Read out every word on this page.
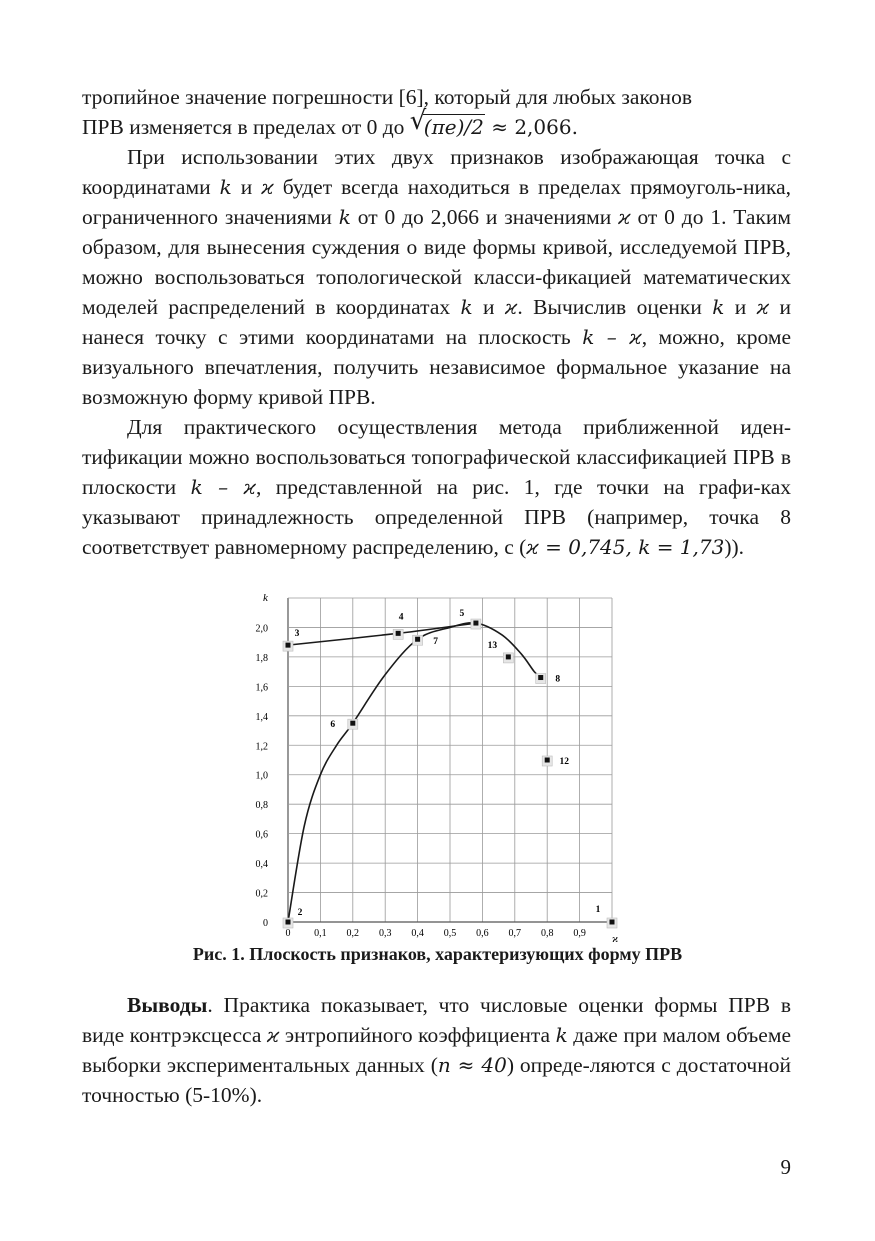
тропийное значение погрешности [6], который для любых законов
ПРВ изменяется в пределах от 0 до √
(πe)/2 ≈ 2,066.

При использовании этих двух признаков изображающая точка с координатами k и ϰ будет всегда находиться в пределах прямоуголь-ника, ограниченного значениями k от 0 до 2,066 и значениями ϰ от 0 до 1. Таким образом, для вынесения суждения о виде формы кривой, исследуемой ПРВ, можно воспользоваться топологической класси-фикацией математических моделей распределений в координатах k и ϰ. Вычислив оценки k и ϰ и нанеся точку с этими координатами на плоскость k – ϰ, можно, кроме визуального впечатления, получить независимое формальное указание на возможную форму кривой ПРВ.

Для практического осуществления метода приближенной иден-тификации можно воспользоваться топографической классификацией ПРВ в плоскости k – ϰ, представленной на рис. 1, где точки на графи-ках указывают принадлежность определенной ПРВ (например, точка 8 соответствует равномерному распределению, с (ϰ = 0,745, k = 1,73)).

1
2
3
4	5
6
7
8
12
13
0 0,1 0,2 0,3 0,4 0,5 0,6 0,7 0,8 0,9
0
0,2
0,4
0,6
0,8
1,0
1,2
1,4
1,6
1,8
2,0
k
ϰ

Рис. 1. Плоскость признаков, характеризующих форму ПРВ

Выводы. Практика показывает, что числовые оценки формы ПРВ в виде контрэксцесса ϰ энтропийного коэффициента k даже при малом объеме выборки экспериментальных данных (n ≈ 40) опреде-ляются с достаточной точностью (5-10%).

9
